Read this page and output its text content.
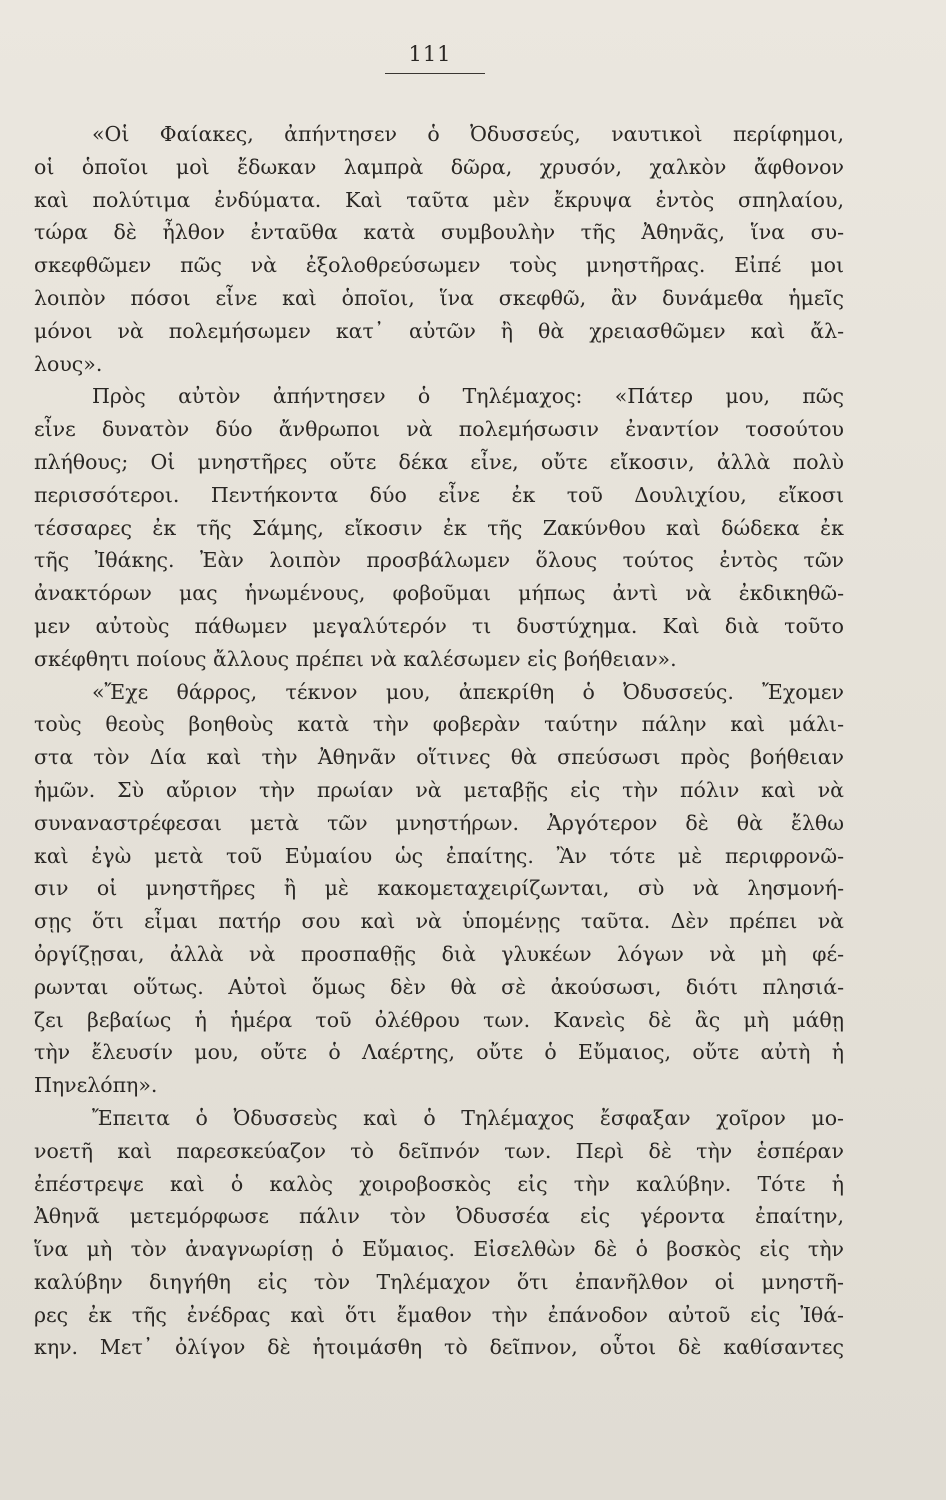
111
«Οἱ Φαίακες, ἀπήντησεν ὁ Ὀδυσσεύς, ναυτικοὶ περίφημοι,
οἱ ὁποῖοι μοὶ ἔδωκαν λαμπρὰ δῶρα, χρυσόν, χαλκὸν ἄφθονον
καὶ πολύτιμα ἐνδύματα. Καὶ ταῦτα μὲν ἔκρυψα ἐντὸς σπηλαίου,
τώρα δὲ ἦλθον ἐνταῦθα κατὰ συμβουλὴν τῆς Ἀθηνᾶς, ἵνα συ-
σκεφθῶμεν πῶς νὰ ἐξολοθρεύσωμεν τοὺς μνηστῆρας. Εἰπέ μοι
λοιπὸν πόσοι εἶνε καὶ ὁποῖοι, ἵνα σκεφθῶ, ἂν δυνάμεθα ἡμεῖς
μόνοι νὰ πολεμήσωμεν κατ᾽ αὐτῶν ἢ θὰ χρειασθῶμεν καὶ ἄλ-
λους».
Πρὸς αὐτὸν ἀπήντησεν ὁ Τηλέμαχος: «Πάτερ μου, πῶς
εἶνε δυνατὸν δύο ἄνθρωποι νὰ πολεμήσωσιν ἐναντίον τοσούτου
πλήθους; Οἱ μνηστῆρες οὔτε δέκα εἶνε, οὔτε εἴκοσιν, ἀλλὰ πολὺ
περισσότεροι. Πεντήκοντα δύο εἶνε ἐκ τοῦ Δουλιχίου, εἴκοσι
τέσσαρες ἐκ τῆς Σάμης, εἴκοσιν ἐκ τῆς Ζακύνθου καὶ δώδεκα ἐκ
τῆς Ἰθάκης. Ἐὰν λοιπὸν προσβάλωμεν ὅλους τούτος ἐντὸς τῶν
ἀνακτόρων μας ἡνωμένους, φοβοῦμαι μήπως ἀντὶ νὰ ἐκδικηθῶ-
μεν αὐτοὺς πάθωμεν μεγαλύτερόν τι δυστύχημα. Καὶ διὰ τοῦτο
σκέφθητι ποίους ἄλλους πρέπει νὰ καλέσωμεν εἰς βοήθειαν».
«Ἔχε θάρρος, τέκνον μου, ἀπεκρίθη ὁ Ὀδυσσεύς. Ἔχομεν
τοὺς θεοὺς βοηθοὺς κατὰ τὴν φοβερὰν ταύτην πάλην καὶ μάλι-
στα τὸν Δία καὶ τὴν Ἀθηνᾶν οἵτινες θὰ σπεύσωσι πρὸς βοήθειαν
ἡμῶν. Σὺ αὔριον τὴν πρωίαν νὰ μεταβῇς εἰς τὴν πόλιν καὶ νὰ
συναναστρέφεσαι μετὰ τῶν μνηστήρων. Ἀργότερον δὲ θὰ ἔλθω
καὶ ἐγὼ μετὰ τοῦ Εὐμαίου ὡς ἐπαίτης. Ἂν τότε μὲ περιφρονῶ-
σιν οἱ μνηστῆρες ἢ μὲ κακομεταχειρίζωνται, σὺ νὰ λησμονή-
σῃς ὅτι εἶμαι πατήρ σου καὶ νὰ ὑπομένῃς ταῦτα. Δὲν πρέπει νὰ
ὀργίζῃσαι, ἀλλὰ νὰ προσπαθῇς διὰ γλυκέων λόγων νὰ μὴ φέ-
ρωνται οὕτως. Αὐτοὶ ὅμως δὲν θὰ σὲ ἀκούσωσι, διότι πλησιά-
ζει βεβαίως ἡ ἡμέρα τοῦ ὀλέθρου των. Κανεὶς δὲ ἂς μὴ μάθῃ
τὴν ἔλευσίν μου, οὔτε ὁ Λαέρτης, οὔτε ὁ Εὔμαιος, οὔτε αὐτὴ ἡ
Πηνελόπη».
Ἔπειτα ὁ Ὀδυσσεὺς καὶ ὁ Τηλέμαχος ἔσφαξαν χοῖρον μο-
νοετῆ καὶ παρεσκεύαζον τὸ δεῖπνόν των. Περὶ δὲ τὴν ἑσπέραν
ἐπέστρεψε καὶ ὁ καλὸς χοιροβοσκὸς εἰς τὴν καλύβην. Τότε ἡ
Ἀθηνᾶ μετεμόρφωσε πάλιν τὸν Ὀδυσσέα εἰς γέροντα ἐπαίτην,
ἵνα μὴ τὸν ἀναγνωρίσῃ ὁ Εὔμαιος. Εἰσελθὼν δὲ ὁ βοσκὸς εἰς τὴν
καλύβην διηγήθη εἰς τὸν Τηλέμαχον ὅτι ἐπανῆλθον οἱ μνηστῆ-
ρες ἐκ τῆς ἐνέδρας καὶ ὅτι ἔμαθον τὴν ἐπάνοδον αὐτοῦ εἰς Ἰθά-
κην. Μετ᾽ ὀλίγον δὲ ἡτοιμάσθη τὸ δεῖπνον, οὗτοι δὲ καθίσαντες
